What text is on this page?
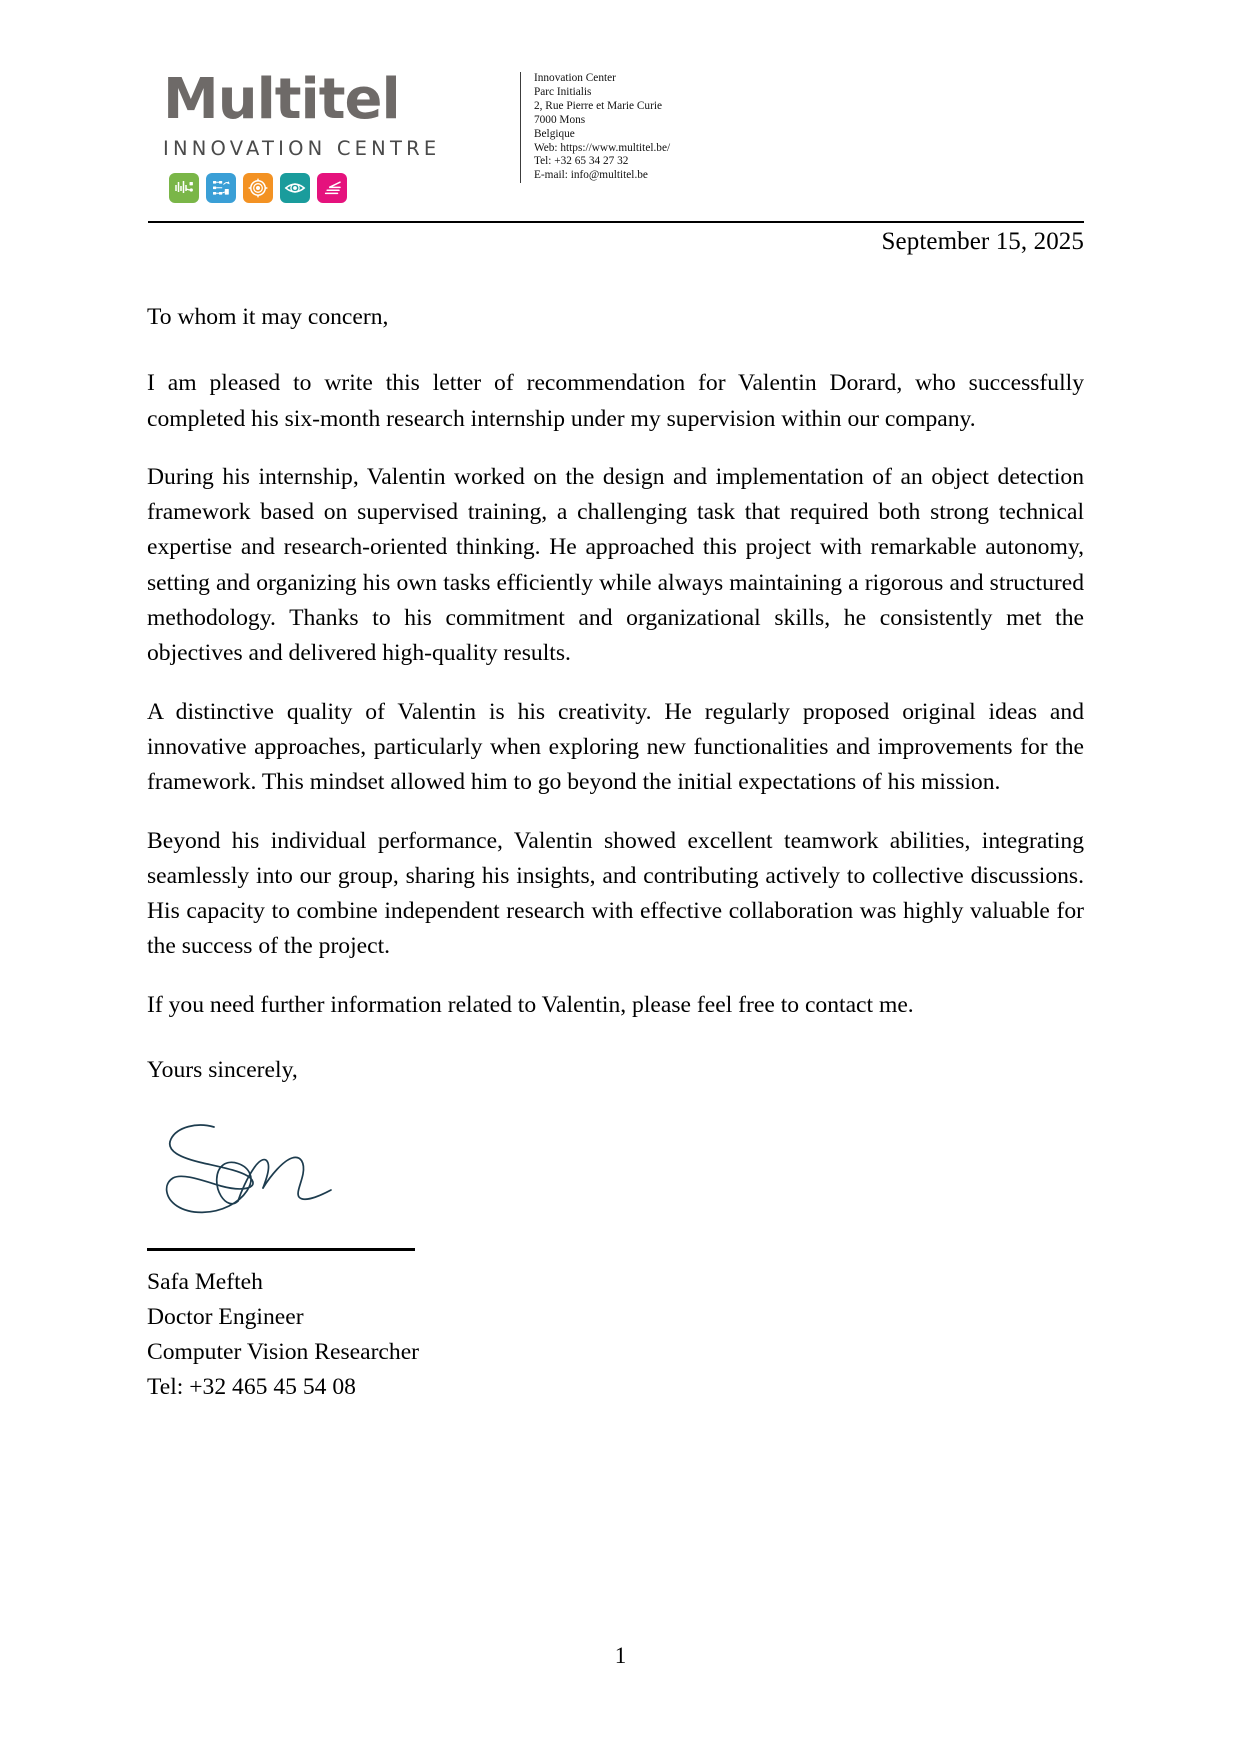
Multitel
INNOVATION CENTRE
Innovation Center
Parc Initialis
2, Rue Pierre et Marie Curie
7000 Mons
Belgique
Web: https://www.multitel.be/
Tel: +32 65 34 27 32
E-mail: info@multitel.be
September 15, 2025

To whom it may concern,

I am pleased to write this letter of recommendation for Valentin Dorard, who successfully completed his six-month research internship under my supervision within our company.

During his internship, Valentin worked on the design and implementation of an object detection framework based on supervised training, a challenging task that required both strong technical expertise and research-oriented thinking. He approached this project with remarkable autonomy, setting and organizing his own tasks efficiently while always maintaining a rigorous and structured methodology. Thanks to his commitment and organizational skills, he consistently met the objectives and delivered high-quality results.

A distinctive quality of Valentin is his creativity. He regularly proposed original ideas and innovative approaches, particularly when exploring new functionalities and improvements for the framework. This mindset allowed him to go beyond the initial expectations of his mission.

Beyond his individual performance, Valentin showed excellent teamwork abilities, integrating seamlessly into our group, sharing his insights, and contributing actively to collective discussions. His capacity to combine independent research with effective collaboration was highly valuable for the success of the project.

If you need further information related to Valentin, please feel free to contact me.

Yours sincerely,

Safa Mefteh
Doctor Engineer
Computer Vision Researcher
Tel: +32 465 45 54 08
1
